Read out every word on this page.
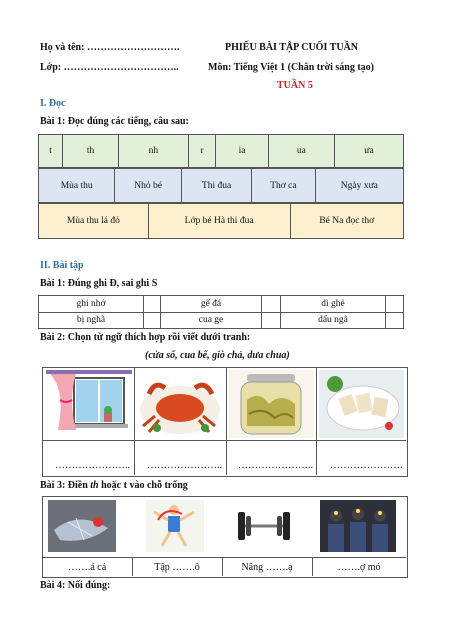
Họ và tên: ……………………….	PHIẾU BÀI TẬP CUỐI TUẦN
Lớp: ……………………………..	Môn: Tiếng Việt 1 (Chân trời sáng tạo)
TUẦN 5
I. Đọc
Bài 1: Đọc đúng các tiếng, câu sau:
t	th	nh	r	ia	ua	ưa
Mùa thu	Nhỏ bé	Thi đua	Thơ ca	Ngày xưa
Mùa thu lá đỏ	Lớp bé Hà thi đua	Bé Na đọc thơ
II. Bài tập
Bài 1: Đúng ghi Đ, sai ghi S
ghi nhớ		gế đá		dì ghẻ	
bị nghã		cua ge		dấu ngã	
Bài 2: Chọn từ ngữ thích hợp rồi viết dưới tranh:
(cửa sổ, cua bể, giò chả, dưa chua)
………………….. ………………….. ………………….. ………………….
Bài 3: Điền th hoặc t vào chỗ trống
…….á cá	Tập …….ô	Nâng …….ạ	…….ợ mỏ
Bài 4: Nối đúng:
